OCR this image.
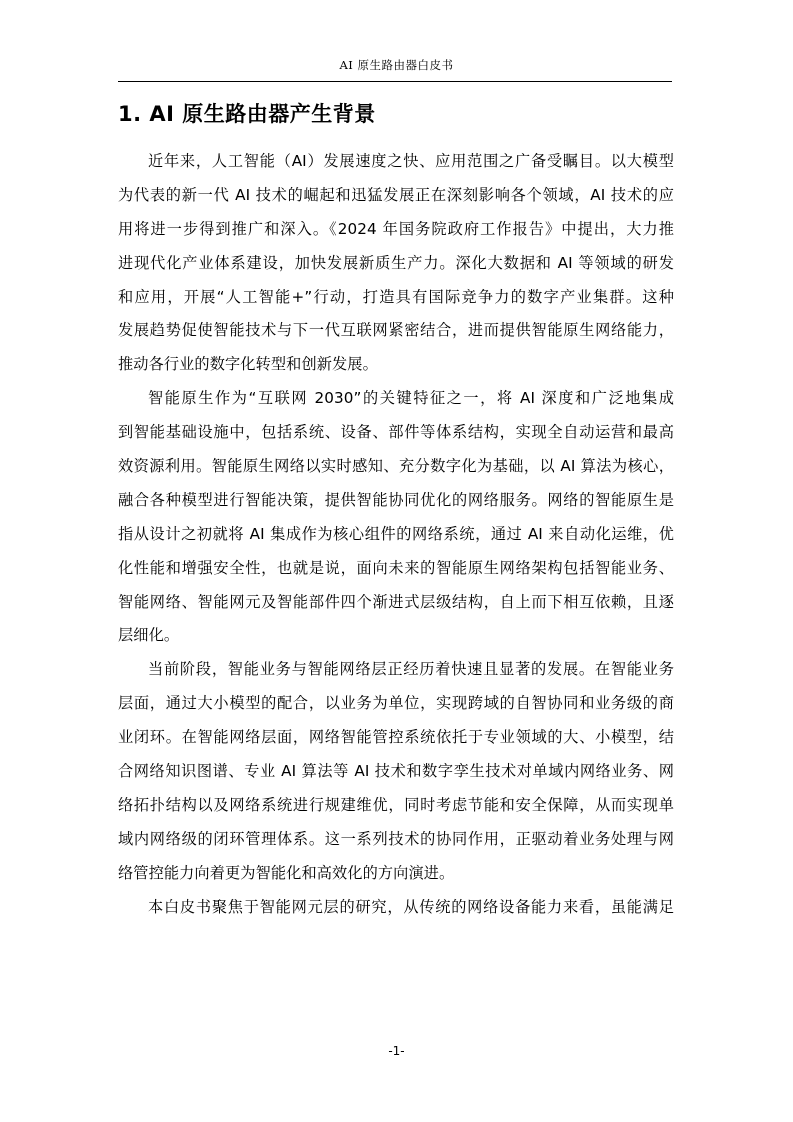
AI 原生路由器白皮书
1. AI 原生路由器产生背景
近年来，人工智能（AI）发展速度之快、应用范围之广备受瞩目。以大模型
为代表的新一代 AI 技术的崛起和迅猛发展正在深刻影响各个领域，AI 技术的应
用将进一步得到推广和深入。《2024 年国务院政府工作报告》中提出，大力推
进现代化产业体系建设，加快发展新质生产力。深化大数据和 AI 等领域的研发
和应用，开展“人工智能+”行动，打造具有国际竞争力的数字产业集群。这种
发展趋势促使智能技术与下一代互联网紧密结合，进而提供智能原生网络能力，
推动各行业的数字化转型和创新发展。
智能原生作为“互联网 2030”的关键特征之一，将 AI 深度和广泛地集成
到智能基础设施中，包括系统、设备、部件等体系结构，实现全自动运营和最高
效资源利用。智能原生网络以实时感知、充分数字化为基础，以 AI 算法为核心，
融合各种模型进行智能决策，提供智能协同优化的网络服务。网络的智能原生是
指从设计之初就将 AI 集成作为核心组件的网络系统，通过 AI 来自动化运维，优
化性能和增强安全性，也就是说，面向未来的智能原生网络架构包括智能业务、
智能网络、智能网元及智能部件四个渐进式层级结构，自上而下相互依赖，且逐
层细化。
当前阶段，智能业务与智能网络层正经历着快速且显著的发展。在智能业务
层面，通过大小模型的配合，以业务为单位，实现跨域的自智协同和业务级的商
业闭环。在智能网络层面，网络智能管控系统依托于专业领域的大、小模型，结
合网络知识图谱、专业 AI 算法等 AI 技术和数字孪生技术对单域内网络业务、网
络拓扑结构以及网络系统进行规建维优，同时考虑节能和安全保障，从而实现单
域内网络级的闭环管理体系。这一系列技术的协同作用，正驱动着业务处理与网
络管控能力向着更为智能化和高效化的方向演进。
本白皮书聚焦于智能网元层的研究，从传统的网络设备能力来看，虽能满足
-1-
